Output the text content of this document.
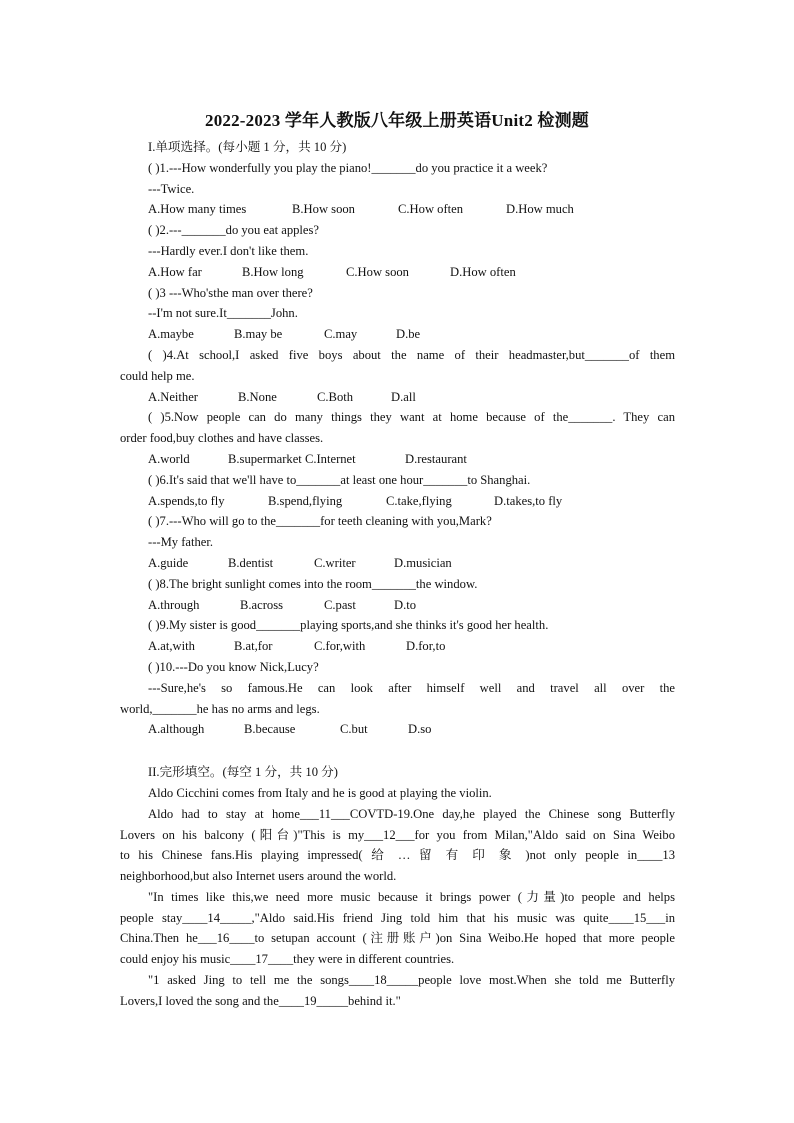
2022-2023 学年人教版八年级上册英语Unit2 检测题
I.单项选择。(每小题 1 分，共 10 分)
( )1.---How wonderfully you play the piano!_______do you practice it a week?
---Twice.
A.How many times	B.How soon	C.How often	D.How much
( )2.---_______do you eat apples?
---Hardly ever.I don't like them.
A.How far	B.How long	C.How soon	D.How often
( )3 ---Who'sthe man over there?
--I'm not sure.It_______John.
A.maybe	B.may be	C.may	D.be
( )4.At school,I asked five boys about the name of their headmaster,but_______of them
could help me.
A.Neither	B.None	C.Both	D.all
( )5.Now people can do many things they want at home because of the_______. They can
order food,buy clothes and have classes.
A.world	B.supermarket C.Internet	D.restaurant
( )6.It's said that we'll have to_______at least one hour_______to Shanghai.
A.spends,to fly	B.spend,flying	C.take,flying	D.takes,to fly
( )7.---Who will go to the_______for teeth cleaning with you,Mark?
---My father.
A.guide	B.dentist	C.writer	D.musician
( )8.The bright sunlight comes into the room_______the window.
A.through	B.across	C.past	D.to
( )9.My sister is good_______playing sports,and she thinks it's good her health.
A.at,with	B.at,for	C.for,with	D.for,to
( )10.---Do you know Nick,Lucy?
---Sure,he's so famous.He can look after himself well and travel all over the
world,_______he has no arms and legs.
A.although	B.because	C.but	D.so
II.完形填空。(每空 1 分，共 10 分)
Aldo Cicchini comes from Italy and he is good at playing the violin.
Aldo had to stay at home___11___COVTD-19.One day,he played the Chinese song Butterfly
Lovers on his balcony (阳台)"This is my___12___for you from Milan,"Aldo said on Sina Weibo
to his Chinese fans.His playing impressed( 给 … 留 有 印 象 )not only people in____13
neighborhood,but also Internet users around the world.
"In times like this,we need more music because it brings power (力量)to people and helps
people stay____14_____,"Aldo said.His friend Jing told him that his music was quite____15___in
China.Then he___16____to setupan account (注册账户)on Sina Weibo.He hoped that more people
could enjoy his music____17____they were in different countries.
"1 asked Jing to tell me the songs____18_____people love most.When she told me Butterfly
Lovers,I loved the song and the____19_____behind it."
